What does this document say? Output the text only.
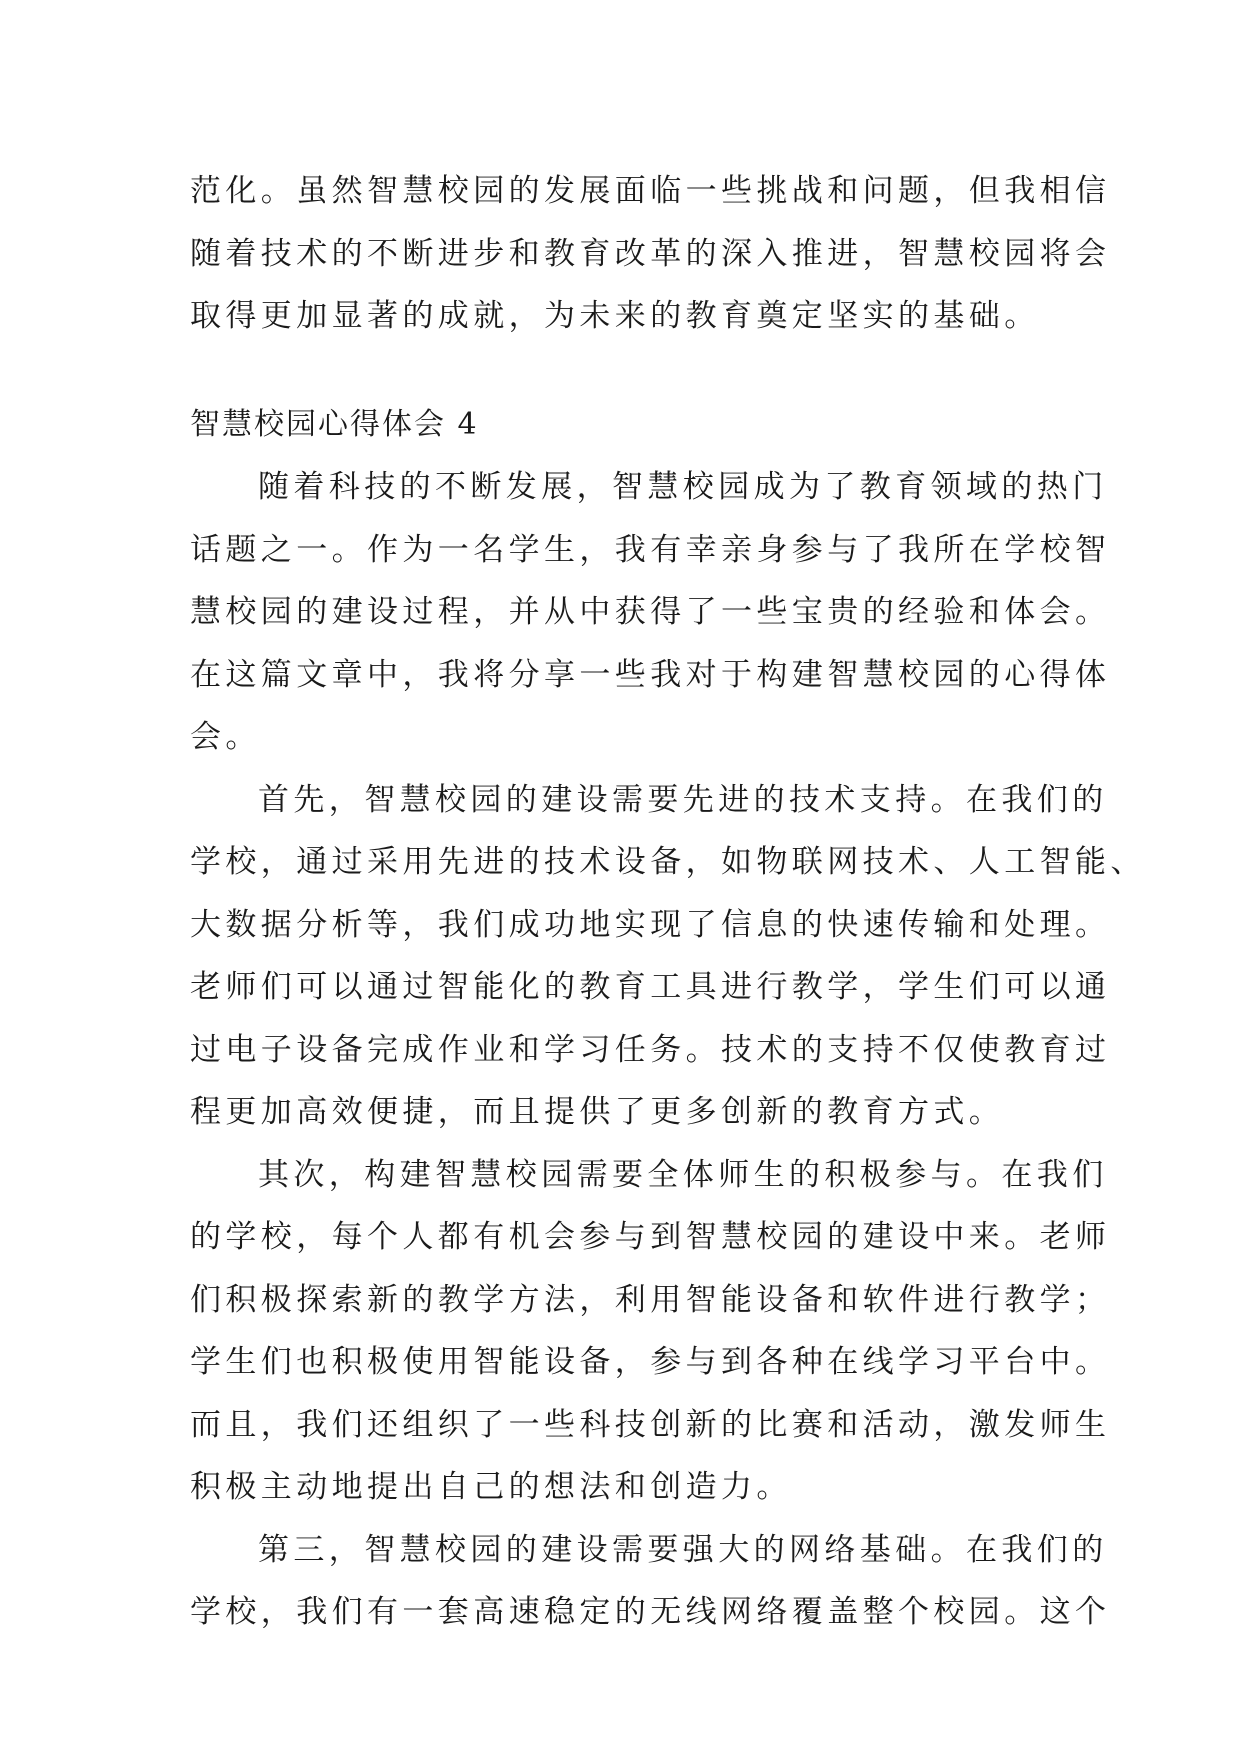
范化。虽然智慧校园的发展面临一些挑战和问题，但我相信
随着技术的不断进步和教育改革的深入推进，智慧校园将会
取得更加显著的成就，为未来的教育奠定坚实的基础。
智慧校园心得体会 4
随着科技的不断发展，智慧校园成为了教育领域的热门
话题之一。作为一名学生，我有幸亲身参与了我所在学校智
慧校园的建设过程，并从中获得了一些宝贵的经验和体会。
在这篇文章中，我将分享一些我对于构建智慧校园的心得体
会。
首先，智慧校园的建设需要先进的技术支持。在我们的
学校，通过采用先进的技术设备，如物联网技术、人工智能、
大数据分析等，我们成功地实现了信息的快速传输和处理。
老师们可以通过智能化的教育工具进行教学，学生们可以通
过电子设备完成作业和学习任务。技术的支持不仅使教育过
程更加高效便捷，而且提供了更多创新的教育方式。
其次，构建智慧校园需要全体师生的积极参与。在我们
的学校，每个人都有机会参与到智慧校园的建设中来。老师
们积极探索新的教学方法，利用智能设备和软件进行教学；
学生们也积极使用智能设备，参与到各种在线学习平台中。
而且，我们还组织了一些科技创新的比赛和活动，激发师生
积极主动地提出自己的想法和创造力。
第三，智慧校园的建设需要强大的网络基础。在我们的
学校，我们有一套高速稳定的无线网络覆盖整个校园。这个
